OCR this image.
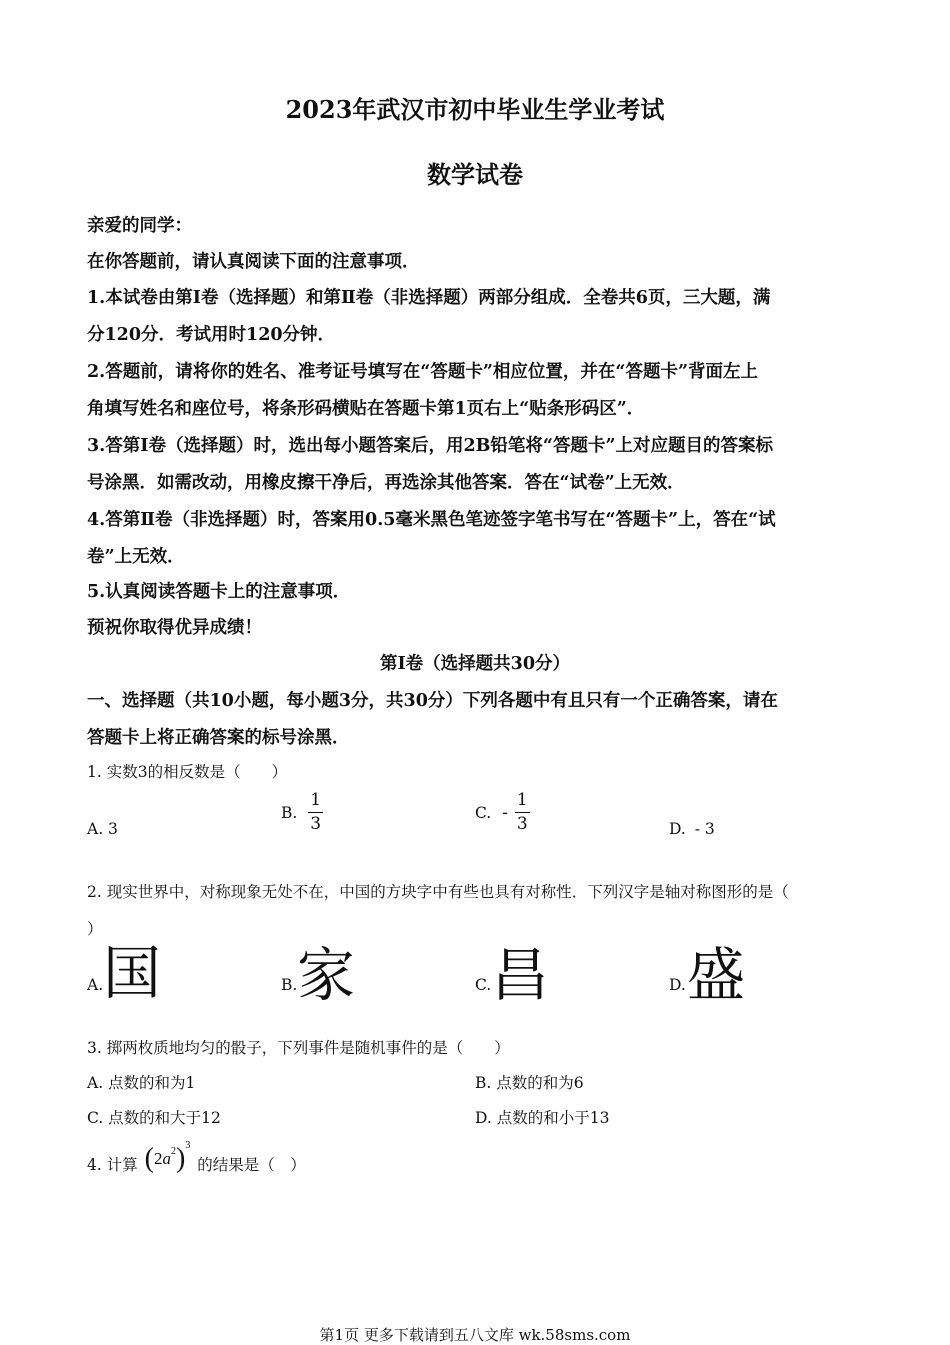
2023年武汉市初中毕业生学业考试
数学试卷
亲爱的同学：
在你答题前，请认真阅读下面的注意事项．
1.本试卷由第Ⅰ卷（选择题）和第Ⅱ卷（非选择题）两部分组成．全卷共6页，三大题，满
分120分．考试用时120分钟．
2.答题前，请将你的姓名、准考证号填写在“答题卡”相应位置，并在“答题卡”背面左上
角填写姓名和座位号，将条形码横贴在答题卡第1页右上“贴条形码区”．
3.答第Ⅰ卷（选择题）时，选出每小题答案后，用2B铅笔将“答题卡”上对应题目的答案标
号涂黑．如需改动，用橡皮擦干净后，再选涂其他答案．答在“试卷”上无效．
4.答第Ⅱ卷（非选择题）时，答案用0.5毫米黑色笔迹签字笔书写在“答题卡”上，答在“试
卷”上无效．
5.认真阅读答题卡上的注意事项．
预祝你取得优异成绩！
第Ⅰ卷（选择题共30分）
一、选择题（共10小题，每小题3分，共30分）下列各题中有且只有一个正确答案，请在
答题卡上将正确答案的标号涂黑．
1. 实数3的相反数是（　　）
A. 3
B. $\frac{1}{3}$	C. - $\frac{1}{3}$	D. - 3
2. 现实世界中，对称现象无处不在，中国的方块字中有些也具有对称性．下列汉字是轴对称图形的是（
）
A. 国	B. 家	C. 昌	D. 盛
3. 掷两枚质地均匀的骰子，下列事件是随机事件的是（　　）
A. 点数的和为1	B. 点数的和为6
C. 点数的和大于12	D. 点数的和小于13
4. 计算 $(2a^2)^3$ 的结果是（　）
第1页 更多下载请到五八文库 wk.58sms.com
